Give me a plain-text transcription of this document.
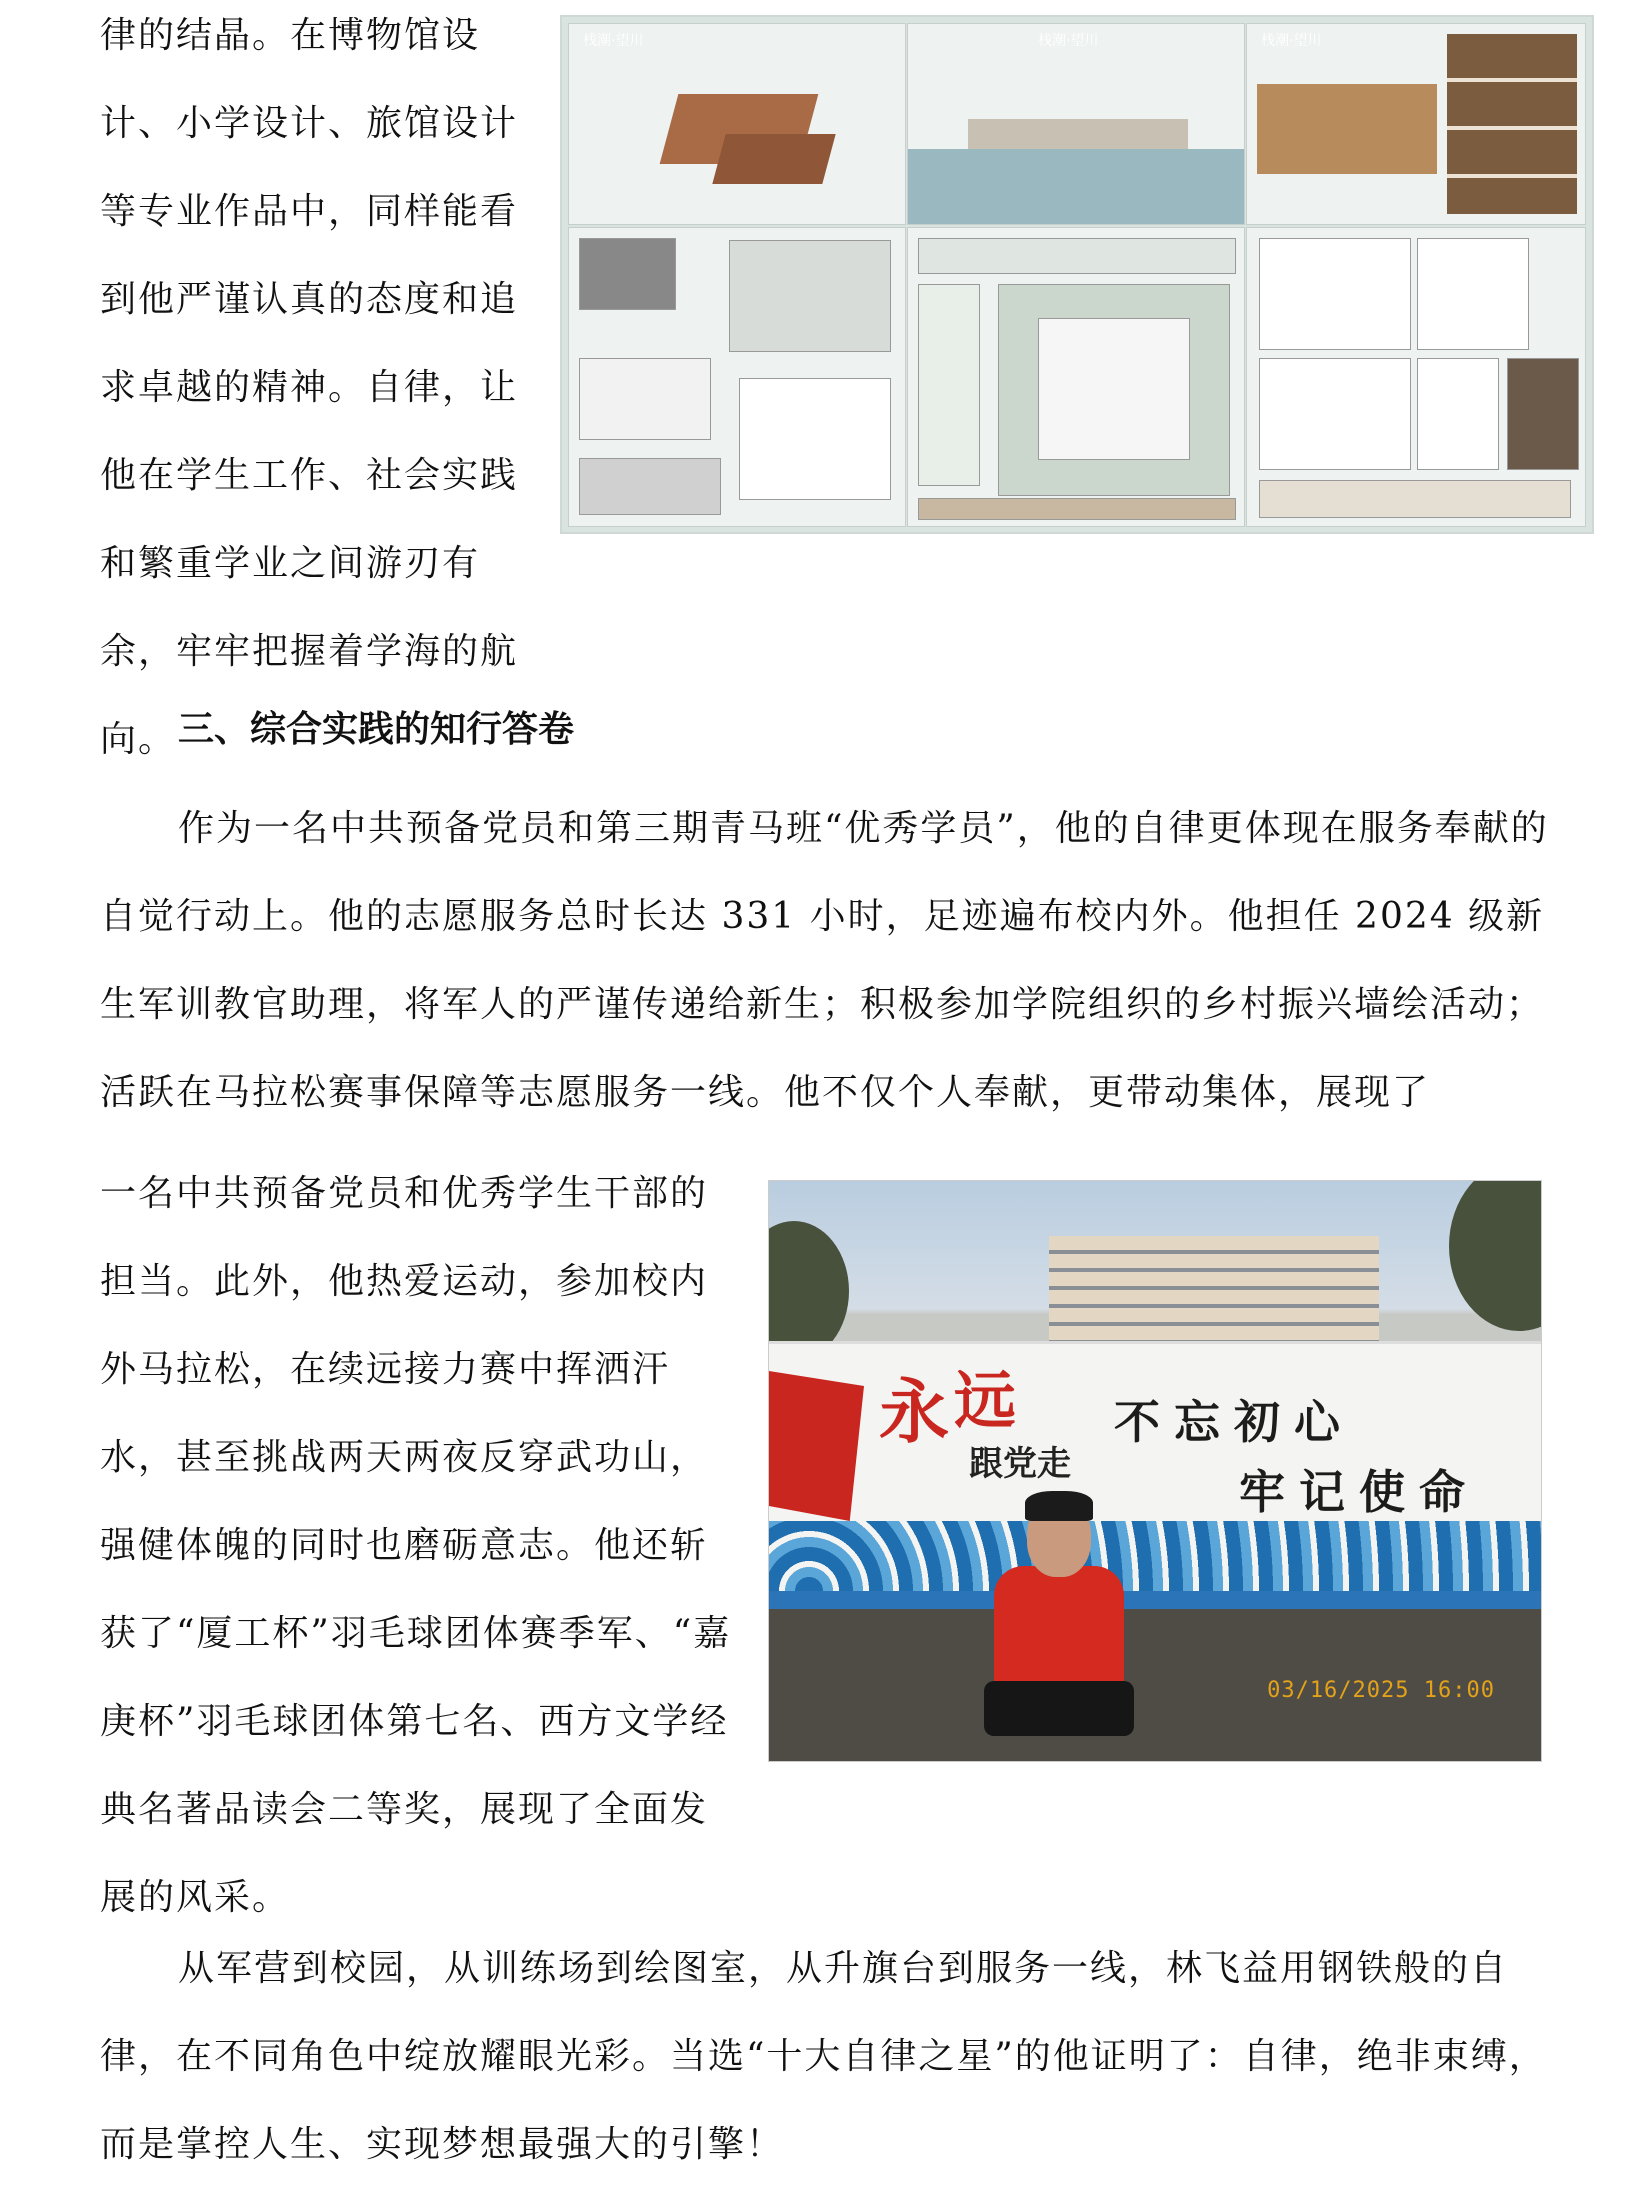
律的结晶。在博物馆设计、小学设计、旅馆设计等专业作品中，同样能看到他严谨认真的态度和追求卓越的精神。自律，让他在学生工作、社会实践和繁重学业之间游刃有余，牢牢把握着学海的航向。

栈潮·望川	栈潮·望川	栈潮·望川
三、综合实践的知行答卷

作为一名中共预备党员和第三期青马班“优秀学员”，他的自律更体现在服务奉献的自觉行动上。他的志愿服务总时长达 331 小时，足迹遍布校内外。他担任 2024 级新生军训教官助理，将军人的严谨传递给新生；积极参加学院组织的乡村振兴墙绘活动；活跃在马拉松赛事保障等志愿服务一线。他不仅个人奉献，更带动集体，展现了

一名中共预备党员和优秀学生干部的担当。此外，他热爱运动，参加校内外马拉松，在续远接力赛中挥洒汗水，甚至挑战两天两夜反穿武功山，强健体魄的同时也磨砺意志。他还斩获了“厦工杯”羽毛球团体赛季军、“嘉庚杯”羽毛球团体第七名、西方文学经典名著品读会二等奖，展现了全面发展的风采。

永 远
跟党走
不忘初心
牢记使命
03/16/2025 16:00

从军营到校园，从训练场到绘图室，从升旗台到服务一线，林飞益用钢铁般的自律，在不同角色中绽放耀眼光彩。当选“十大自律之星”的他证明了：自律，绝非束缚，而是掌控人生、实现梦想最强大的引擎！
